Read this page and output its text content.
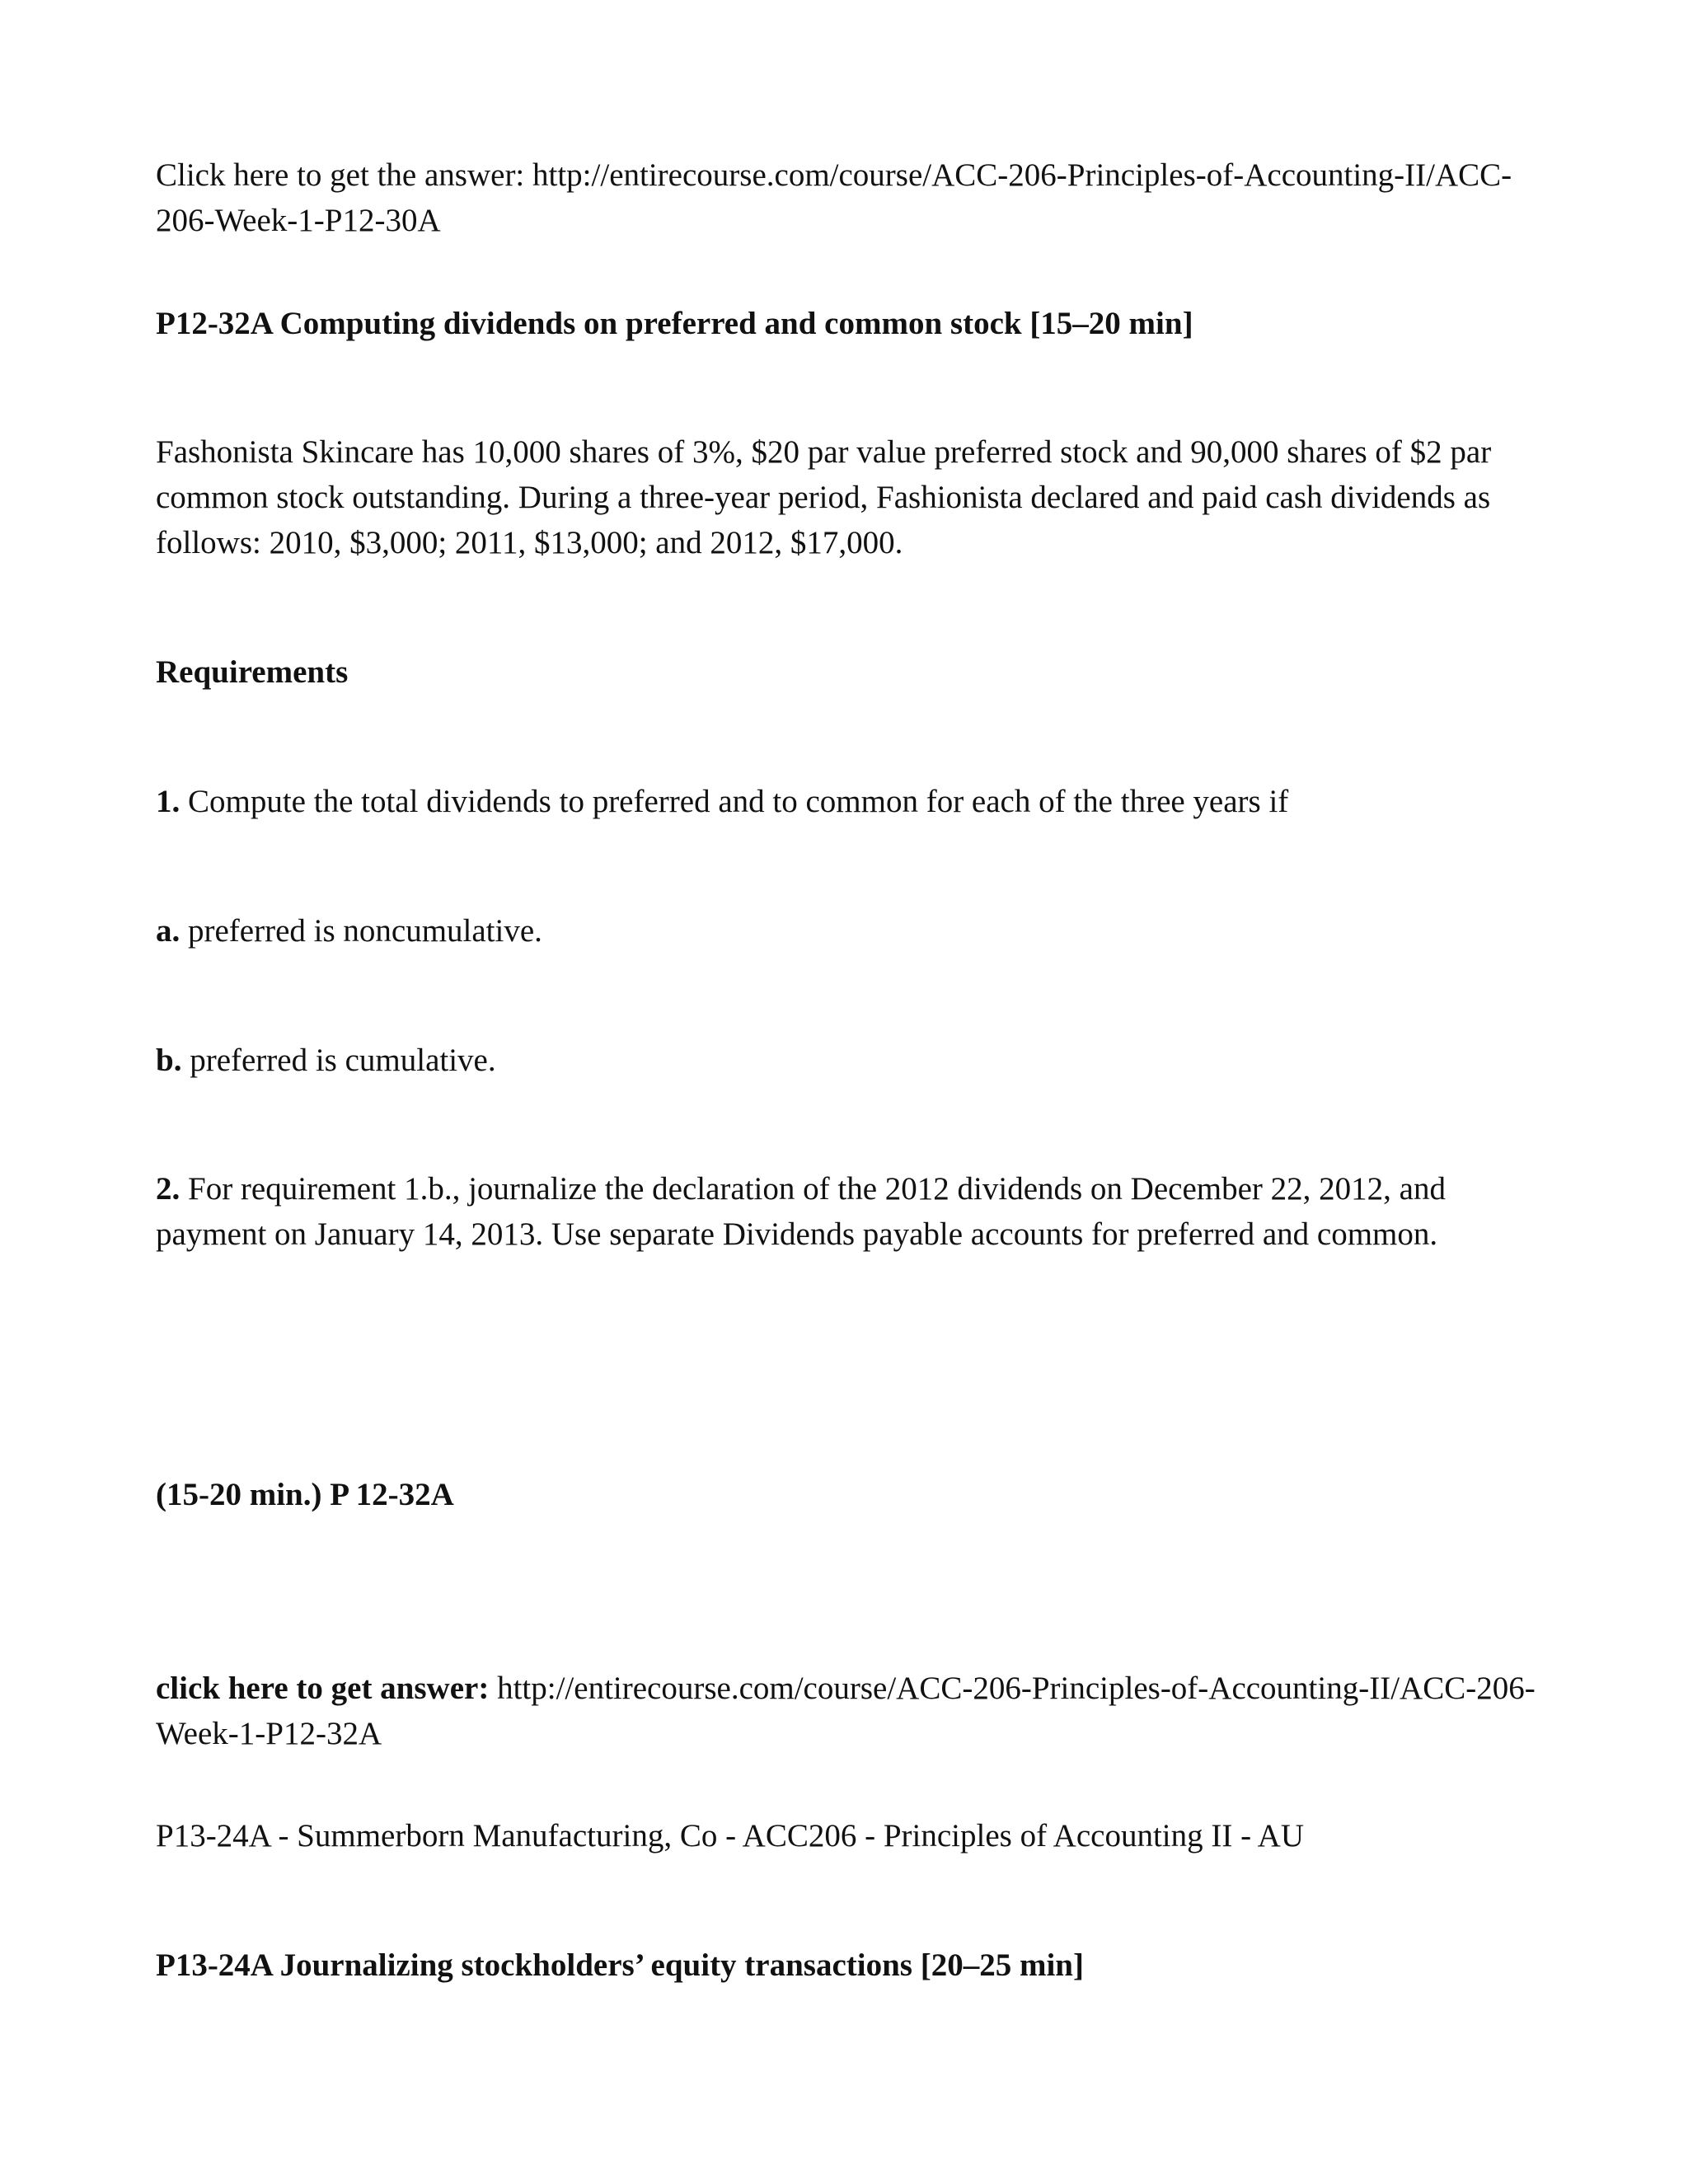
Click here to get the answer: http://entirecourse.com/course/ACC-206-Principles-of-Accounting-II/ACC-206-Week-1-P12-30A

P12-32A Computing dividends on preferred and common stock [15–20 min]

Fashonista Skincare has 10,000 shares of 3%, $20 par value preferred stock and 90,000 shares of $2 par common stock outstanding. During a three-year period, Fashionista declared and paid cash dividends as follows: 2010, $3,000; 2011, $13,000; and 2012, $17,000.

Requirements

1. Compute the total dividends to preferred and to common for each of the three years if

a. preferred is noncumulative.

b. preferred is cumulative.

2. For requirement 1.b., journalize the declaration of the 2012 dividends on December 22, 2012, and payment on January 14, 2013. Use separate Dividends payable accounts for preferred and common.

(15-20 min.) P 12-32A

click here to get answer: http://entirecourse.com/course/ACC-206-Principles-of-Accounting-II/ACC-206-Week-1-P12-32A

P13-24A - Summerborn Manufacturing, Co - ACC206 - Principles of Accounting II - AU

P13-24A Journalizing stockholders’ equity transactions [20–25 min]
